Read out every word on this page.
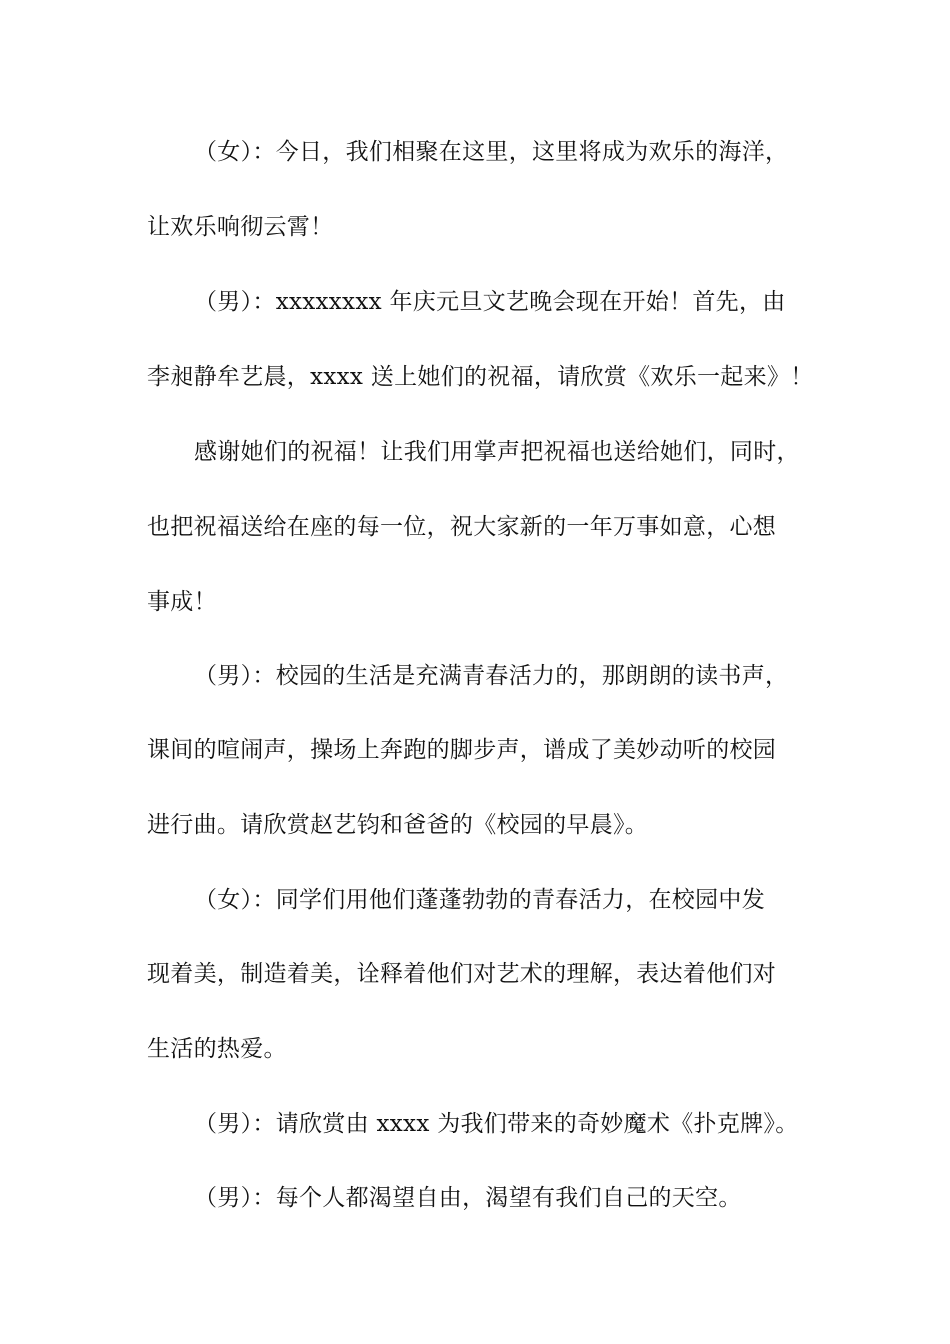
（女）：今日，我们相聚在这里，这里将成为欢乐的海洋，
让欢乐响彻云霄！
（男）：xxxxxxxx 年庆元旦文艺晚会现在开始！首先，由
李昶静牟艺晨，xxxx 送上她们的祝福，请欣赏《欢乐一起来》！
感谢她们的祝福！让我们用掌声把祝福也送给她们，同时，
也把祝福送给在座的每一位，祝大家新的一年万事如意，心想
事成！
（男）：校园的生活是充满青春活力的，那朗朗的读书声，
课间的喧闹声，操场上奔跑的脚步声，谱成了美妙动听的校园
进行曲。请欣赏赵艺钧和爸爸的《校园的早晨》。
（女）：同学们用他们蓬蓬勃勃的青春活力，在校园中发
现着美，制造着美，诠释着他们对艺术的理解，表达着他们对
生活的热爱。
（男）：请欣赏由 xxxx 为我们带来的奇妙魔术《扑克牌》。
（男）：每个人都渴望自由，渴望有我们自己的天空。
